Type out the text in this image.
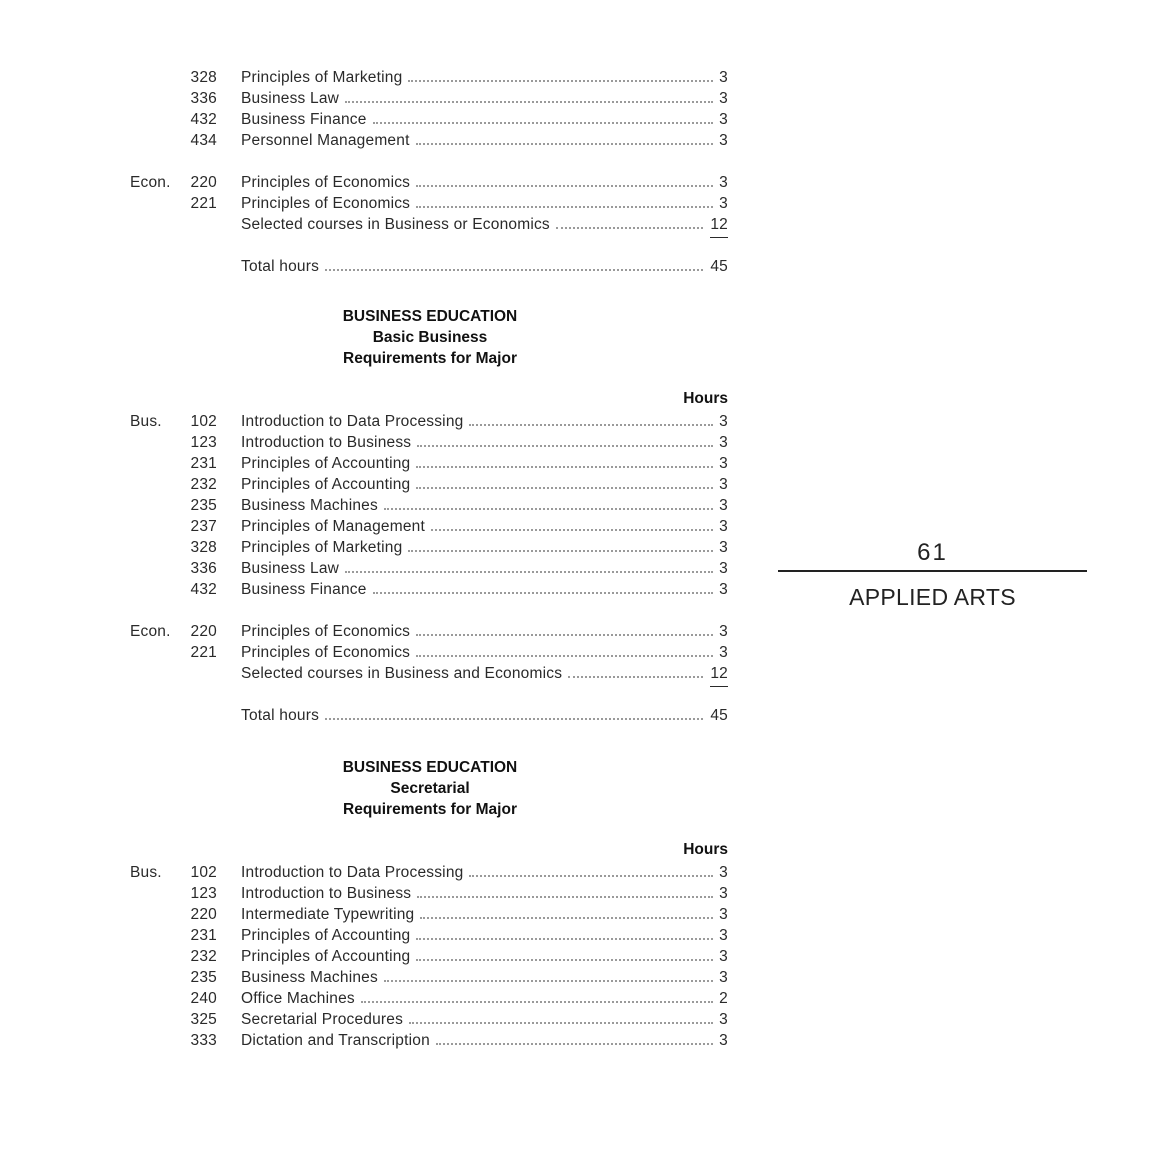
328 Principles of Marketing	3
336 Business Law	3
432 Business Finance	3
434 Personnel Management	3
Econ.	220 Principles of Economics	3
221 Principles of Economics	3
Selected courses in Business or Economics	12
Total hours	45
BUSINESS EDUCATION
Basic Business
Requirements for Major
Hours
Bus.	102 Introduction to Data Processing	3
123 Introduction to Business	3
231 Principles of Accounting	3
232 Principles of Accounting	3
235 Business Machines	3
237 Principles of Management	3
328 Principles of Marketing	3
336 Business Law	3
432 Business Finance	3
Econ.	220 Principles of Economics	3
221 Principles of Economics	3
Selected courses in Business and Economics	12
Total hours	45
BUSINESS EDUCATION
Secretarial
Requirements for Major
Hours
Bus.	102 Introduction to Data Processing	3
123 Introduction to Business	3
220 Intermediate Typewriting	3
231 Principles of Accounting	3
232 Principles of Accounting	3
235 Business Machines	3
240 Office Machines	2
325 Secretarial Procedures	3
333 Dictation and Transcription	3
61
APPLIED ARTS
